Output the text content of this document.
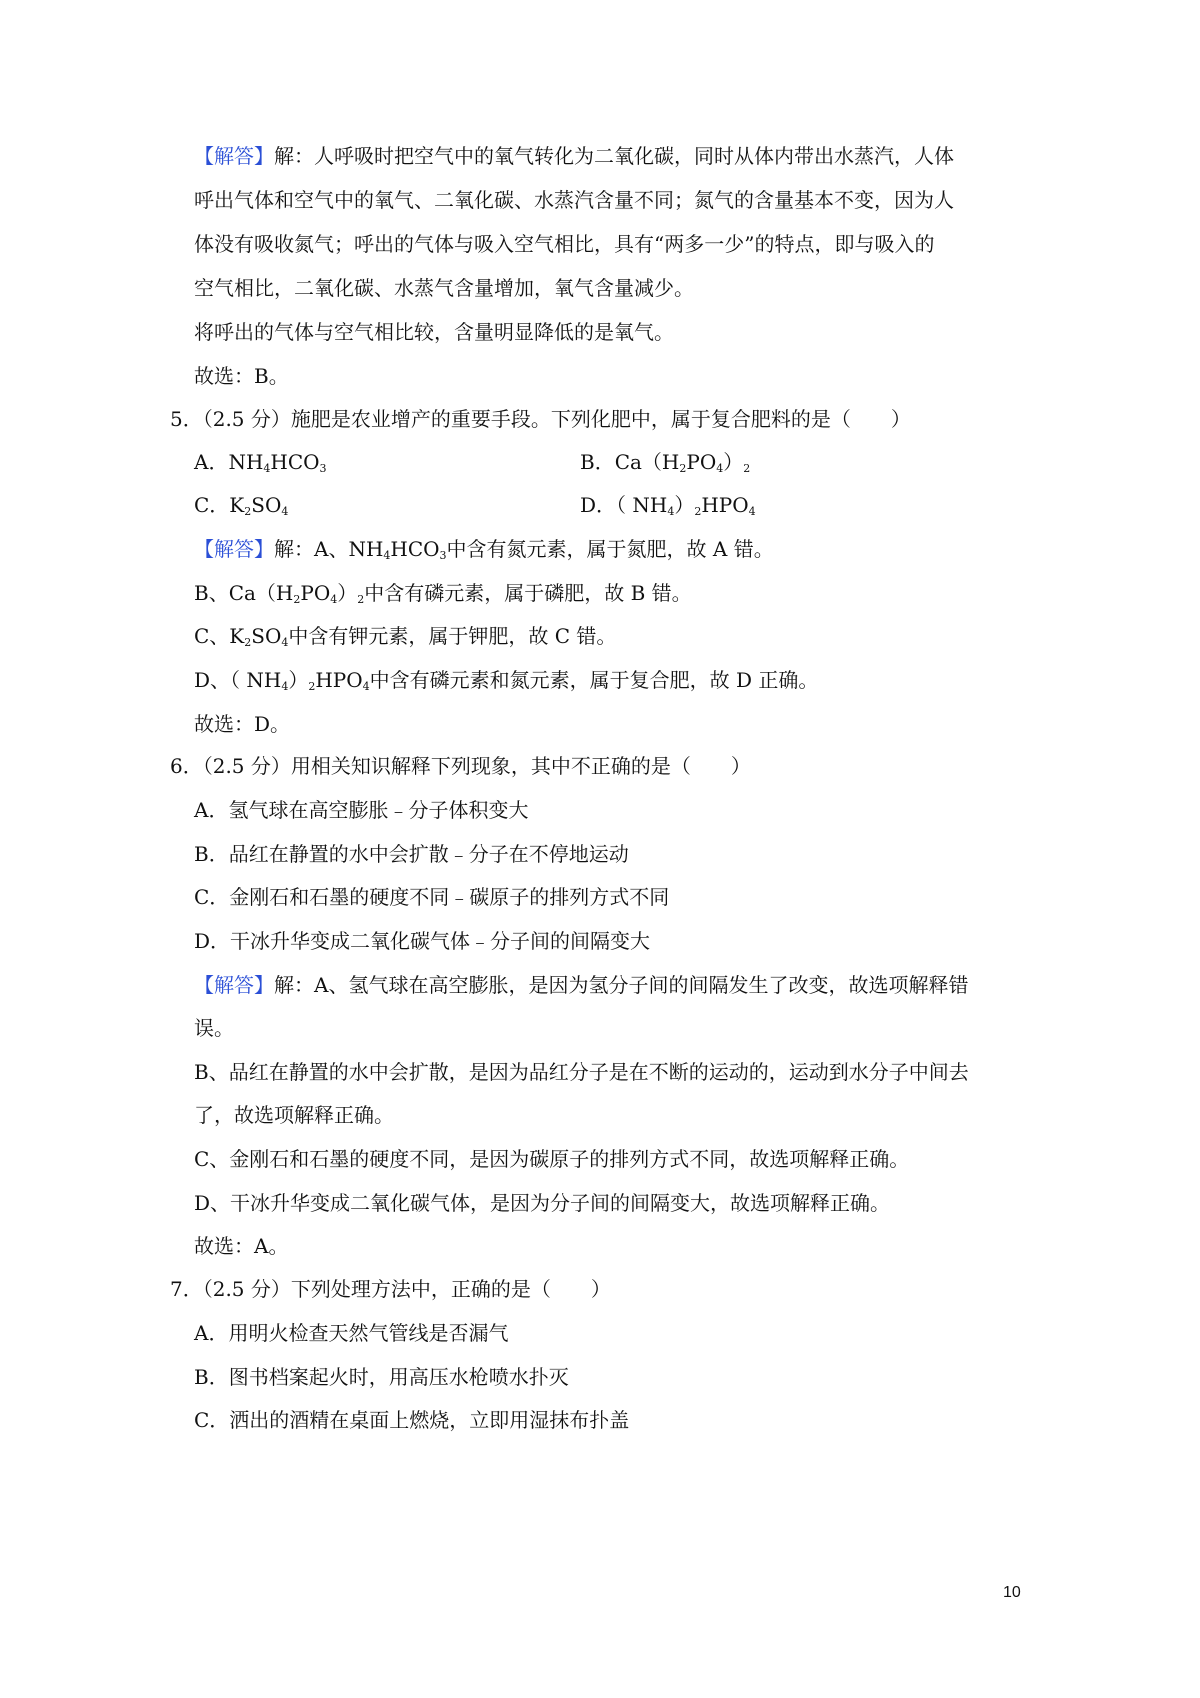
【解答】解：人呼吸时把空气中的氧气转化为二氧化碳，同时从体内带出水蒸汽，人体
呼出气体和空气中的氧气、二氧化碳、水蒸汽含量不同；氮气的含量基本不变，因为人
体没有吸收氮气；呼出的气体与吸入空气相比，具有“两多一少”的特点，即与吸入的
空气相比，二氧化碳、水蒸气含量增加，氧气含量减少。
将呼出的气体与空气相比较，含量明显降低的是氧气。
故选：B。
5．（2.5 分）施肥是农业增产的重要手段。下列化肥中，属于复合肥料的是（　　）
A．$NH_4HCO_3$	B．$Ca(H_2PO_4)_2$
C．$K_2SO_4$	D．（ $NH_4)_2HPO_4$
【解答】解：A、$NH_4HCO_3$中含有氮元素，属于氮肥，故 A 错。
B、$Ca(H_2PO_4)_2$中含有磷元素，属于磷肥，故 B 错。
C、$K_2SO_4$中含有钾元素，属于钾肥，故 C 错。
D、（ $NH_4)_2HPO_4$中含有磷元素和氮元素，属于复合肥，故 D 正确。
故选：D。
6．（2.5 分）用相关知识解释下列现象，其中不正确的是（　　）
A．氢气球在高空膨胀﹣分子体积变大
B．品红在静置的水中会扩散﹣分子在不停地运动
C．金刚石和石墨的硬度不同﹣碳原子的排列方式不同
D．干冰升华变成二氧化碳气体﹣分子间的间隔变大
【解答】解：A、氢气球在高空膨胀，是因为氢分子间的间隔发生了改变，故选项解释错
误。
B、品红在静置的水中会扩散，是因为品红分子是在不断的运动的，运动到水分子中间去
了，故选项解释正确。
C、金刚石和石墨的硬度不同，是因为碳原子的排列方式不同，故选项解释正确。
D、干冰升华变成二氧化碳气体，是因为分子间的间隔变大，故选项解释正确。
故选：A。
7．（2.5 分）下列处理方法中，正确的是（　　）
A．用明火检查天然气管线是否漏气
B．图书档案起火时，用高压水枪喷水扑灭
C．洒出的酒精在桌面上燃烧，立即用湿抹布扑盖
10
